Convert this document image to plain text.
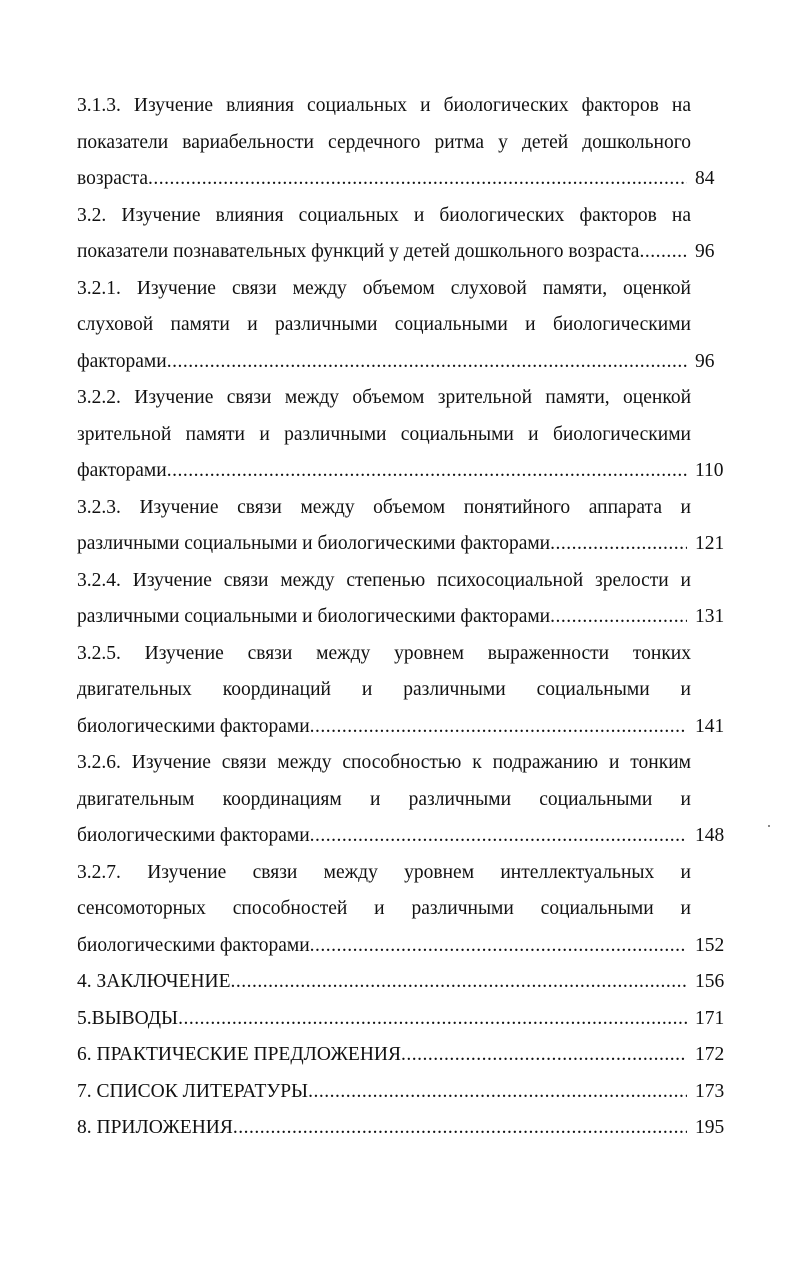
3.1.3. Изучение влияния социальных и биологических факторов на
показатели вариабельности сердечного ритма у детей дошкольного
возраста .....	84
3.2. Изучение влияния социальных и биологических факторов на
показатели познавательных функций у детей дошкольного возраста .....	96
3.2.1. Изучение связи между объемом слуховой памяти, оценкой
слуховой памяти и различными социальными и биологическими
факторами .....	96
3.2.2. Изучение связи между объемом зрительной памяти, оценкой
зрительной памяти и различными социальными и биологическими
факторами .....	110
3.2.3. Изучение связи между объемом понятийного аппарата и
различными социальными и биологическими факторами .....	121
3.2.4. Изучение связи между степенью психосоциальной зрелости и
различными социальными и биологическими факторами .....	131
3.2.5. Изучение связи между уровнем выраженности тонких
двигательных координаций и различными социальными и
биологическими факторами .....	141
3.2.6. Изучение связи между способностью к подражанию и тонким
двигательным координациям и различными социальными и
биологическими факторами .....	148
3.2.7. Изучение связи между уровнем интеллектуальных и
сенсомоторных способностей и различными социальными и
биологическими факторами .....	152
4. ЗАКЛЮЧЕНИЕ .....	156
5.ВЫВОДЫ .....	171
6. ПРАКТИЧЕСКИЕ ПРЕДЛОЖЕНИЯ .....	172
7. СПИСОК ЛИТЕРАТУРЫ .....	173
8. ПРИЛОЖЕНИЯ .....	195
